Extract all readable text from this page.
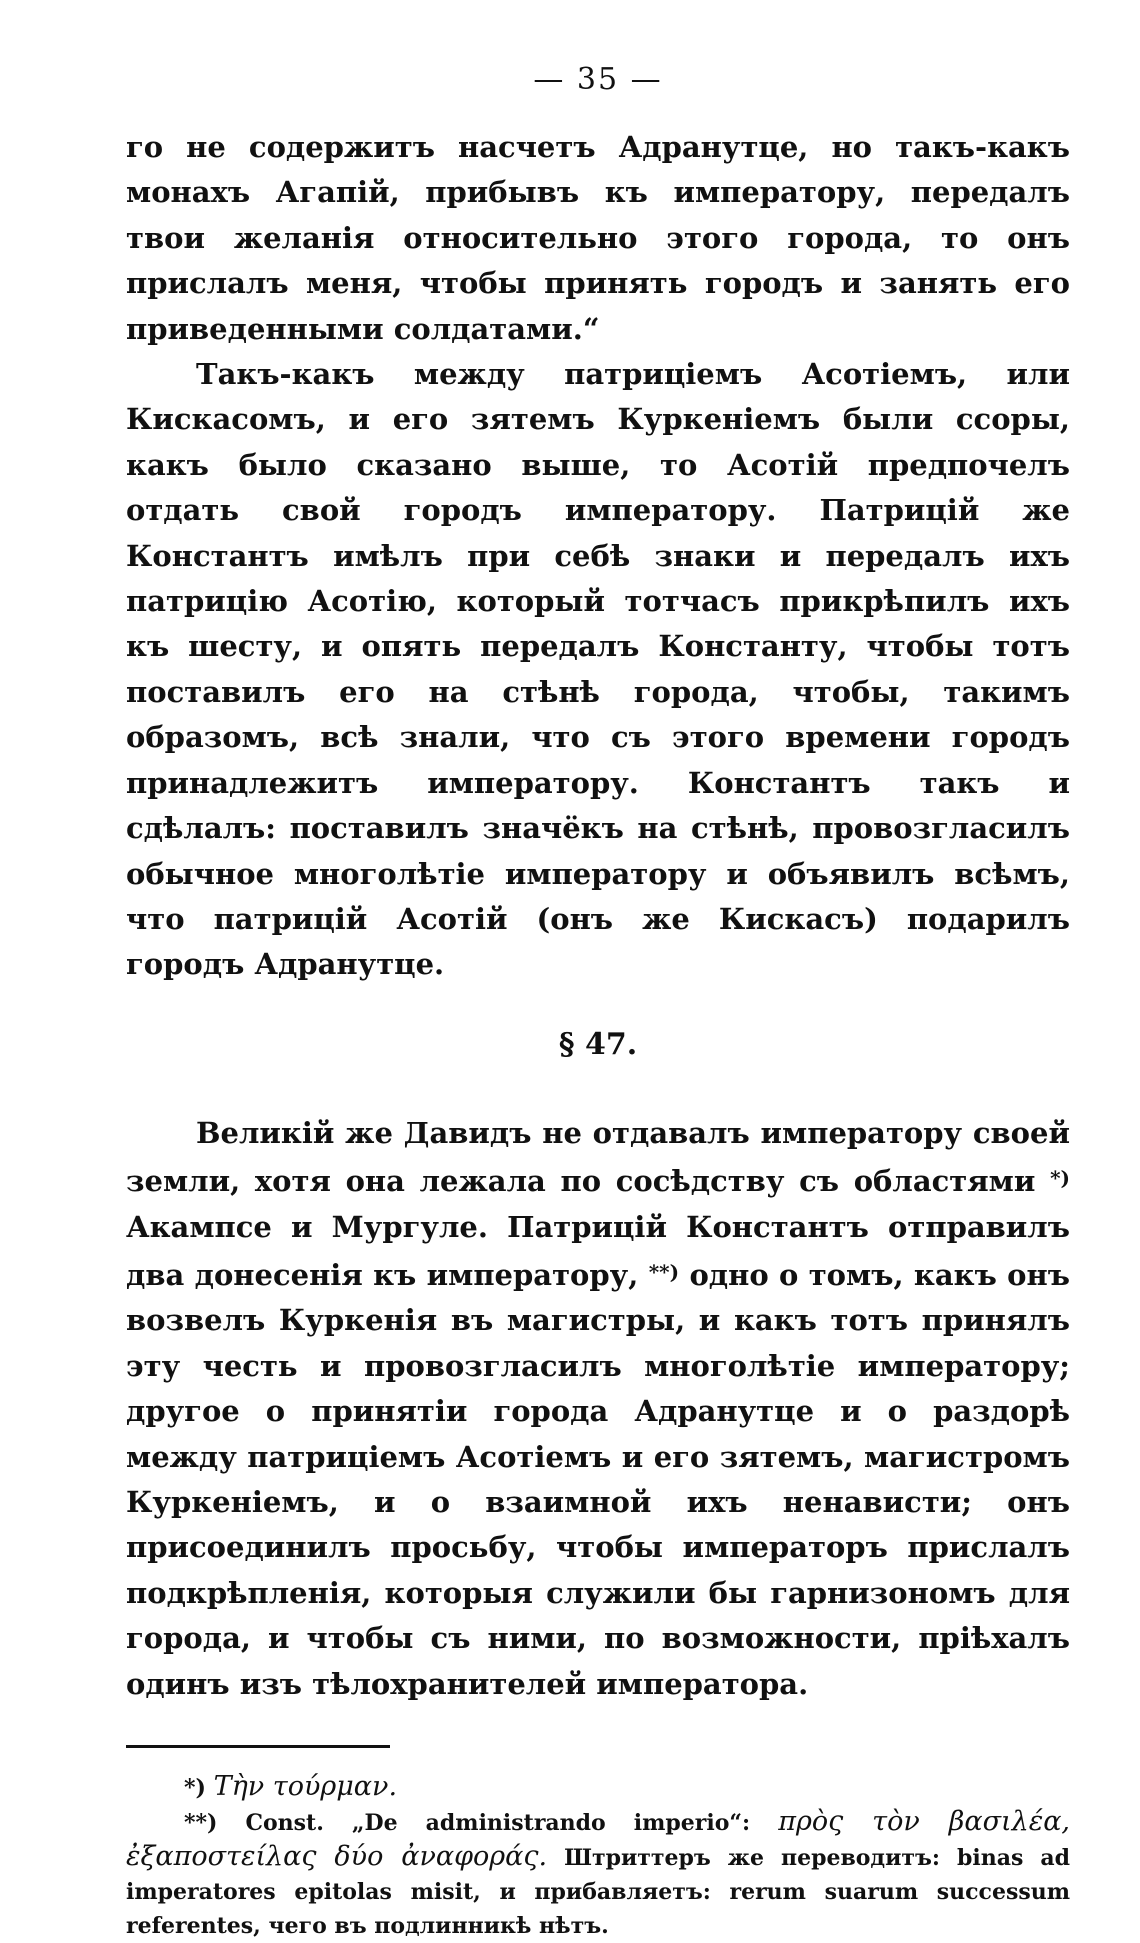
— 35 —

го не содержитъ насчетъ Адранутце, но такъ-какъ монахъ Агапій, прибывъ къ императору, передалъ твои желанія относительно этого города, то онъ прислалъ меня, чтобы принять городъ и занять его приведенными солдатами.“

Такъ-какъ между патриціемъ Асотіемъ, или Кискасомъ, и его зятемъ Куркеніемъ были ссоры, какъ было сказано выше, то Асотій предпочелъ отдать свой городъ императору. Патрицій же Константъ имѣлъ при себѣ знаки и передалъ ихъ патрицію Асотію, который тотчасъ прикрѣпилъ ихъ къ шесту, и опять передалъ Константу, чтобы тотъ поставилъ его на стѣнѣ города, чтобы, такимъ образомъ, всѣ знали, что съ этого времени городъ принадлежитъ императору. Константъ такъ и сдѣлалъ: поставилъ значёкъ на стѣнѣ, провозгласилъ обычное многолѣтіе императору и объявилъ всѣмъ, что патрицій Асотій (онъ же Кискасъ) подарилъ городъ Адранутце.

§ 47.

Великій же Давидъ не отдавалъ императору своей земли, хотя она лежала по сосѣдству съ областями *) Акампсе и Мургуле. Патрицій Константъ отправилъ два донесенія къ императору, **) одно о томъ, какъ онъ возвелъ Куркенія въ магистры, и какъ тотъ принялъ эту честь и провозгласилъ многолѣтіе императору; другое о принятіи города Адранутце и о раздорѣ между патриціемъ Асотіемъ и его зятемъ, магистромъ Куркеніемъ, и о взаимной ихъ ненависти; онъ присоединилъ просьбу, чтобы императоръ прислалъ подкрѣпленія, которыя служили бы гарнизономъ для города, и чтобы съ ними, по возможности, пріѣхалъ одинъ изъ тѣлохранителей императора.

*) Τὴν τούρμαν.
**) Const. „De administrando imperio“: πρὸς τὸν βασιλέα, ἐξαποστείλας δύο ἀναφοράς. Штриттеръ же переводитъ: binas ad imperatores epitolas misit, и прибавляетъ: rerum suarum successum referentes, чего въ подлинникѣ нѣтъ.
